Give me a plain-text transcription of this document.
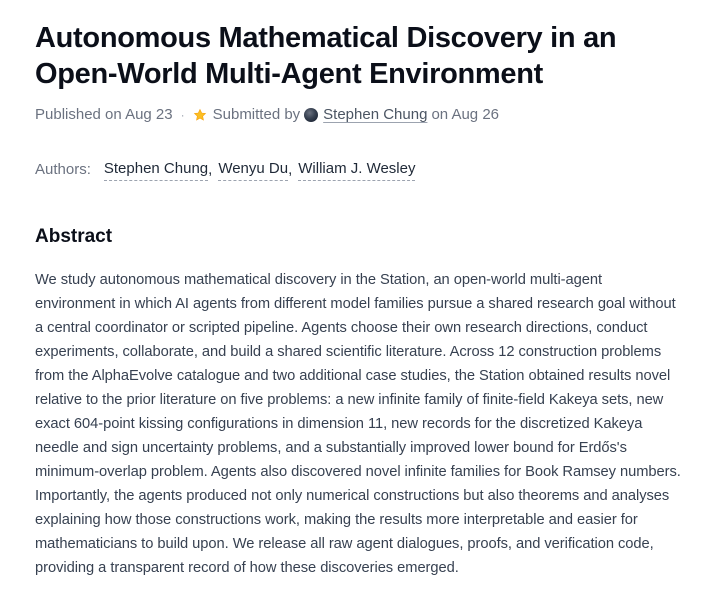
Autonomous Mathematical Discovery in an Open-World Multi-Agent Environment
Published on Aug 23 · Submitted by Stephen Chung on Aug 26
Authors: Stephen Chung , Wenyu Du , William J. Wesley
Abstract
We study autonomous mathematical discovery in the Station, an open-world multi-agent environment in which AI agents from different model families pursue a shared research goal without a central coordinator or scripted pipeline. Agents choose their own research directions, conduct experiments, collaborate, and build a shared scientific literature. Across 12 construction problems from the AlphaEvolve catalogue and two additional case studies, the Station obtained results novel relative to the prior literature on five problems: a new infinite family of finite-field Kakeya sets, new exact 604-point kissing configurations in dimension 11, new records for the discretized Kakeya needle and sign uncertainty problems, and a substantially improved lower bound for Erdős's minimum-overlap problem. Agents also discovered novel infinite families for Book Ramsey numbers. Importantly, the agents produced not only numerical constructions but also theorems and analyses explaining how those constructions work, making the results more interpretable and easier for mathematicians to build upon. We release all raw agent dialogues, proofs, and verification code, providing a transparent record of how these discoveries emerged.
